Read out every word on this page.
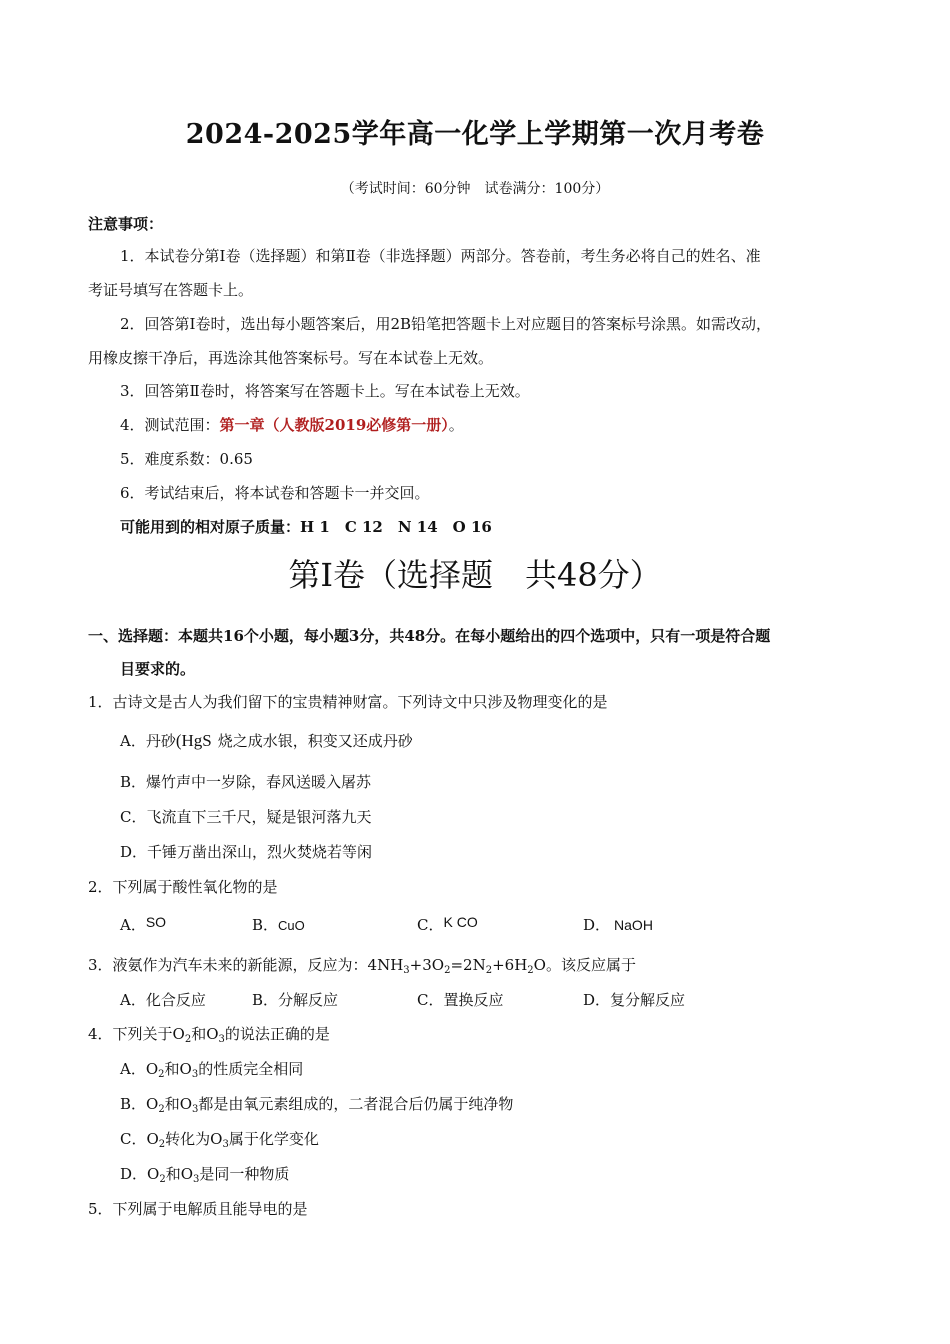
2024-2025学年高一化学上学期第一次月考卷
（考试时间：60分钟　试卷满分：100分）
注意事项：
1．本试卷分第Ⅰ卷（选择题）和第Ⅱ卷（非选择题）两部分。答卷前，考生务必将自己的姓名、准
考证号填写在答题卡上。
2．回答第Ⅰ卷时，选出每小题答案后，用2B铅笔把答题卡上对应题目的答案标号涂黑。如需改动，
用橡皮擦干净后，再选涂其他答案标号。写在本试卷上无效。
3．回答第Ⅱ卷时，将答案写在答题卡上。写在本试卷上无效。
4．测试范围：第一章（人教版2019必修第一册）。
5．难度系数：0.65
6．考试结束后，将本试卷和答题卡一并交回。
可能用到的相对原子质量：H 1　C 12　N 14　O 16
第Ⅰ卷（选择题　共48分）
一、选择题：本题共16个小题，每小题3分，共48分。在每小题给出的四个选项中，只有一项是符合题
目要求的。
1．古诗文是古人为我们留下的宝贵精神财富。下列诗文中只涉及物理变化的是
A．丹砂(HgS 烧之成水银，积变又还成丹砂
B．爆竹声中一岁除，春风送暖入屠苏
C．飞流直下三千尺，疑是银河落九天
D．千锤万凿出深山，烈火焚烧若等闲
2．下列属于酸性氧化物的是
A．SO	B．CuO	C．K CO	D． NaOH
3．液氨作为汽车未来的新能源，反应为：$4NH_3+3O_2=2N_2+6H_2O$。该反应属于
A．化合反应	B．分解反应	C．置换反应	D．复分解反应
4．下列关于$O_2$和$O_3$的说法正确的是
A．$O_2$和$O_3$的性质完全相同
B．$O_2$和$O_3$都是由氧元素组成的，二者混合后仍属于纯净物
C．$O_2$转化为$O_3$属于化学变化
D．$O_2$和$O_3$是同一种物质
5．下列属于电解质且能导电的是
